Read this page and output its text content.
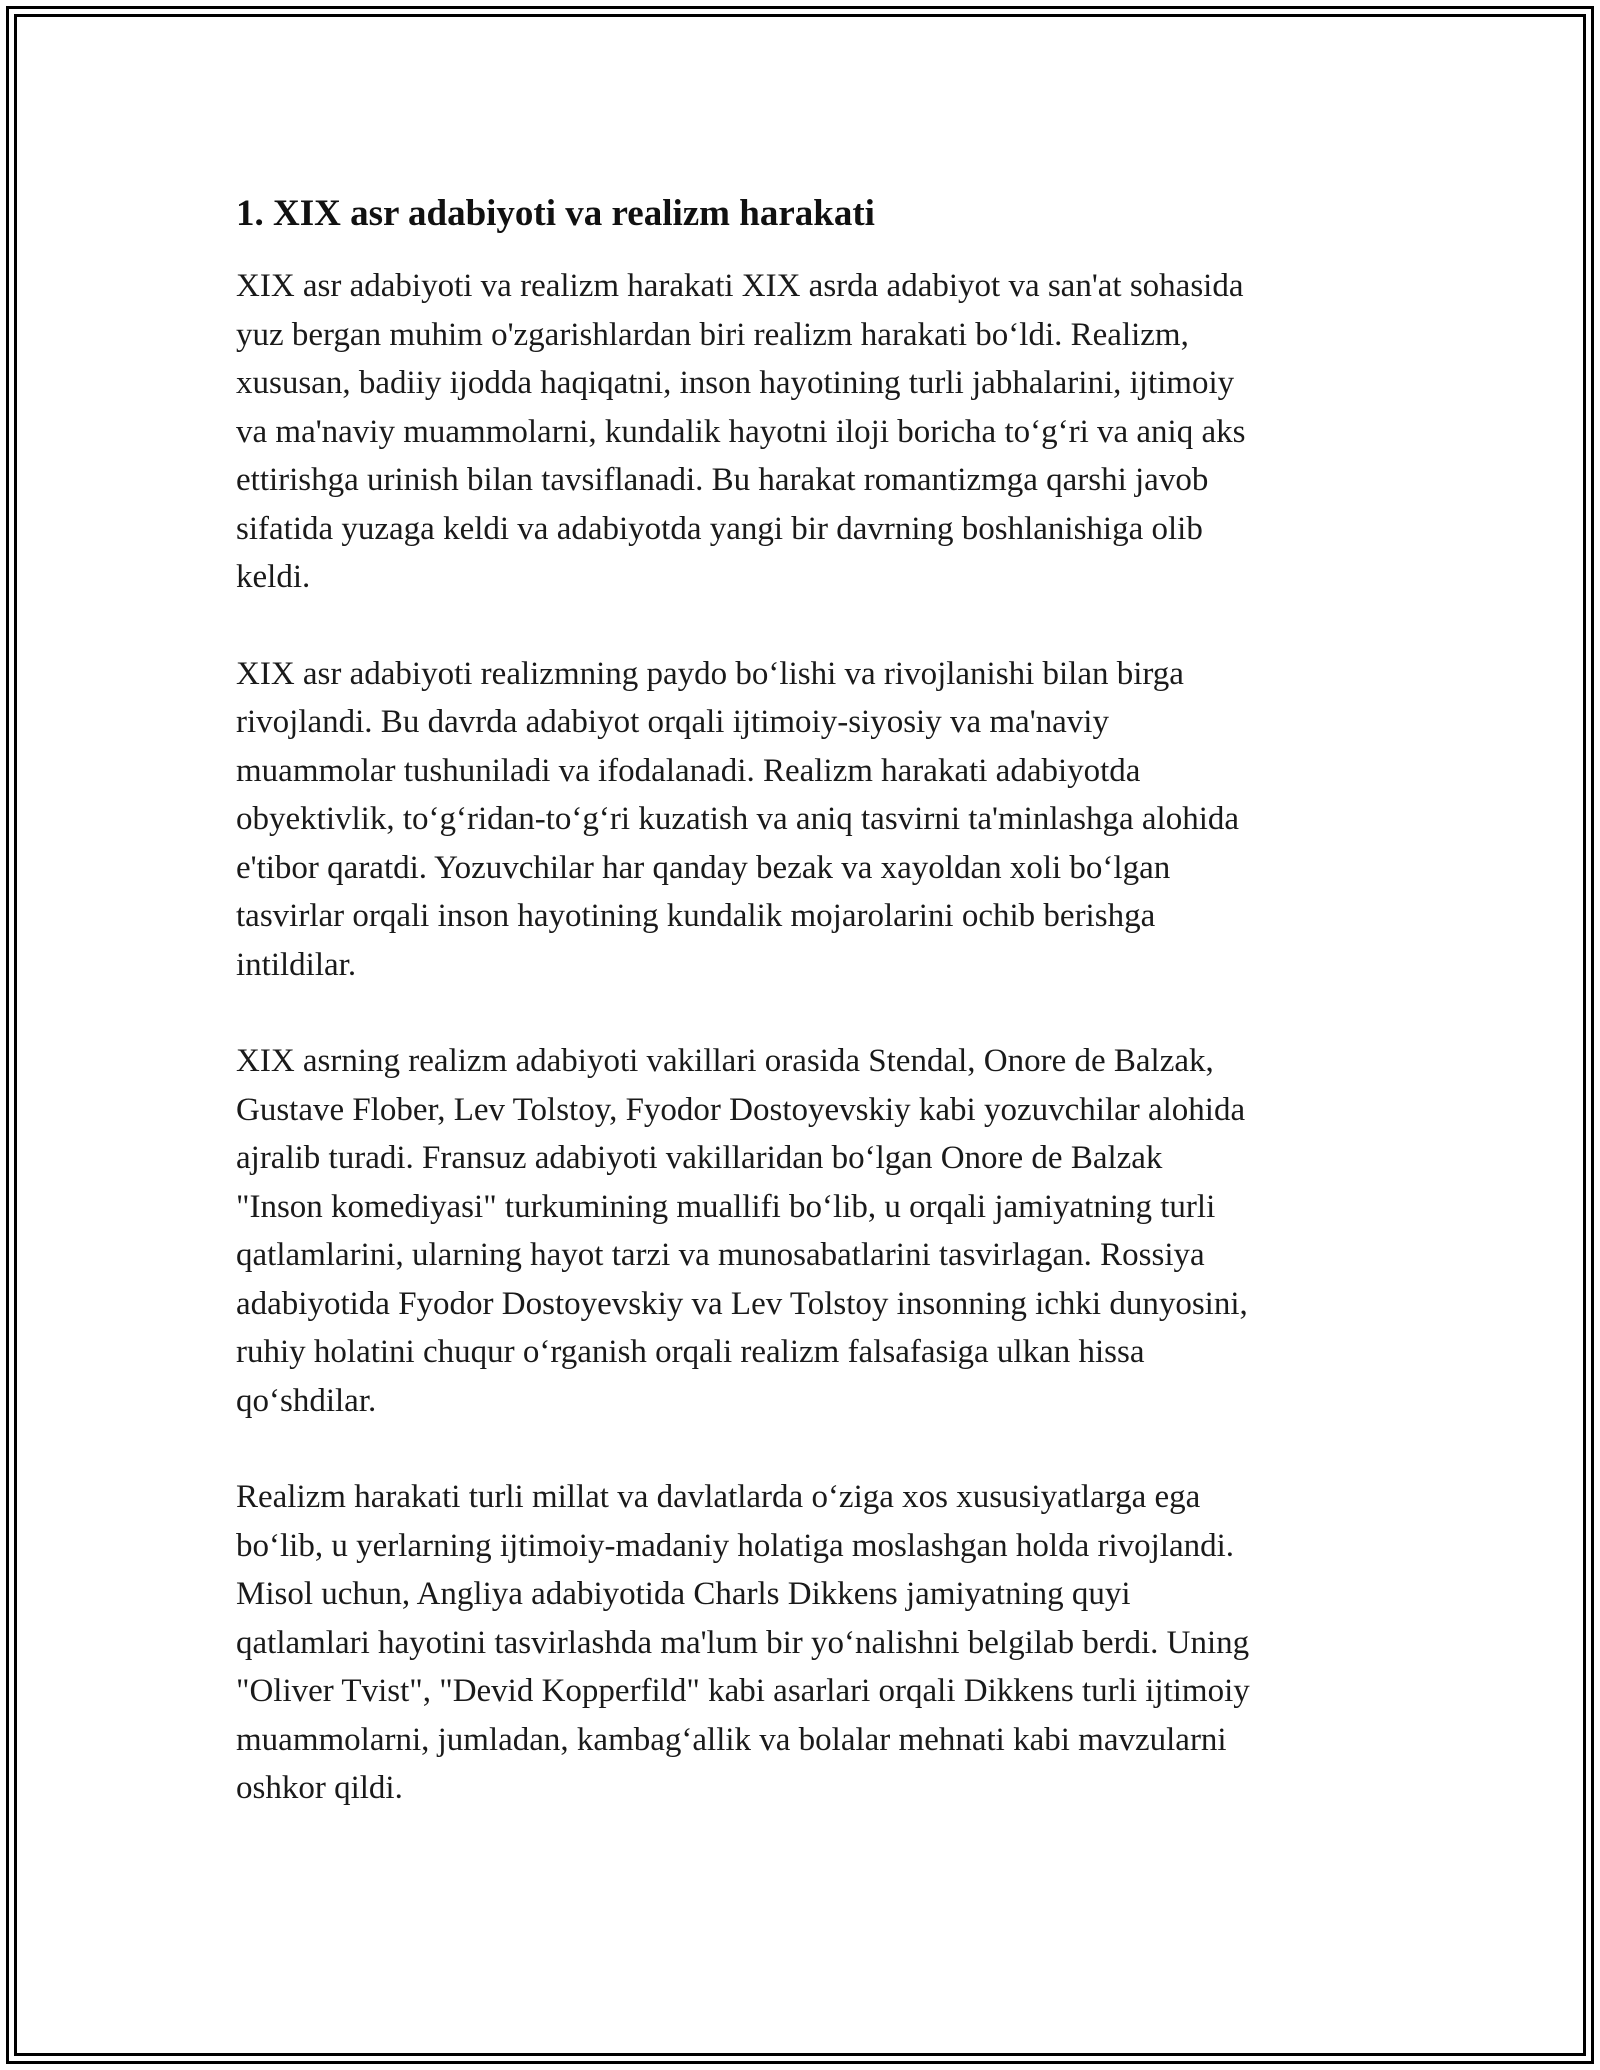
1. XIX asr adabiyoti va realizm harakati

XIX asr adabiyoti va realizm harakati XIX asrda adabiyot va san'at sohasida
yuz bergan muhim o'zgarishlardan biri realizm harakati bo‘ldi. Realizm,
xususan, badiiy ijodda haqiqatni, inson hayotining turli jabhalarini, ijtimoiy
va ma'naviy muammolarni, kundalik hayotni iloji boricha to‘g‘ri va aniq aks
ettirishga urinish bilan tavsiflanadi. Bu harakat romantizmga qarshi javob
sifatida yuzaga keldi va adabiyotda yangi bir davrning boshlanishiga olib
keldi.

XIX asr adabiyoti realizmning paydo bo‘lishi va rivojlanishi bilan birga
rivojlandi. Bu davrda adabiyot orqali ijtimoiy-siyosiy va ma'naviy
muammolar tushuniladi va ifodalanadi. Realizm harakati adabiyotda
obyektivlik, to‘g‘ridan-to‘g‘ri kuzatish va aniq tasvirni ta'minlashga alohida
e'tibor qaratdi. Yozuvchilar har qanday bezak va xayoldan xoli bo‘lgan
tasvirlar orqali inson hayotining kundalik mojarolarini ochib berishga
intildilar.

XIX asrning realizm adabiyoti vakillari orasida Stendal, Onore de Balzak,
Gustave Flober, Lev Tolstoy, Fyodor Dostoyevskiy kabi yozuvchilar alohida
ajralib turadi. Fransuz adabiyoti vakillaridan bo‘lgan Onore de Balzak
"Inson komediyasi" turkumining muallifi bo‘lib, u orqali jamiyatning turli
qatlamlarini, ularning hayot tarzi va munosabatlarini tasvirlagan. Rossiya
adabiyotida Fyodor Dostoyevskiy va Lev Tolstoy insonning ichki dunyosini,
ruhiy holatini chuqur o‘rganish orqali realizm falsafasiga ulkan hissa
qo‘shdilar.

Realizm harakati turli millat va davlatlarda o‘ziga xos xususiyatlarga ega
bo‘lib, u yerlarning ijtimoiy-madaniy holatiga moslashgan holda rivojlandi.
Misol uchun, Angliya adabiyotida Charls Dikkens jamiyatning quyi
qatlamlari hayotini tasvirlashda ma'lum bir yo‘nalishni belgilab berdi. Uning
"Oliver Tvist", "Devid Kopperfild" kabi asarlari orqali Dikkens turli ijtimoiy
muammolarni, jumladan, kambag‘allik va bolalar mehnati kabi mavzularni
oshkor qildi.
